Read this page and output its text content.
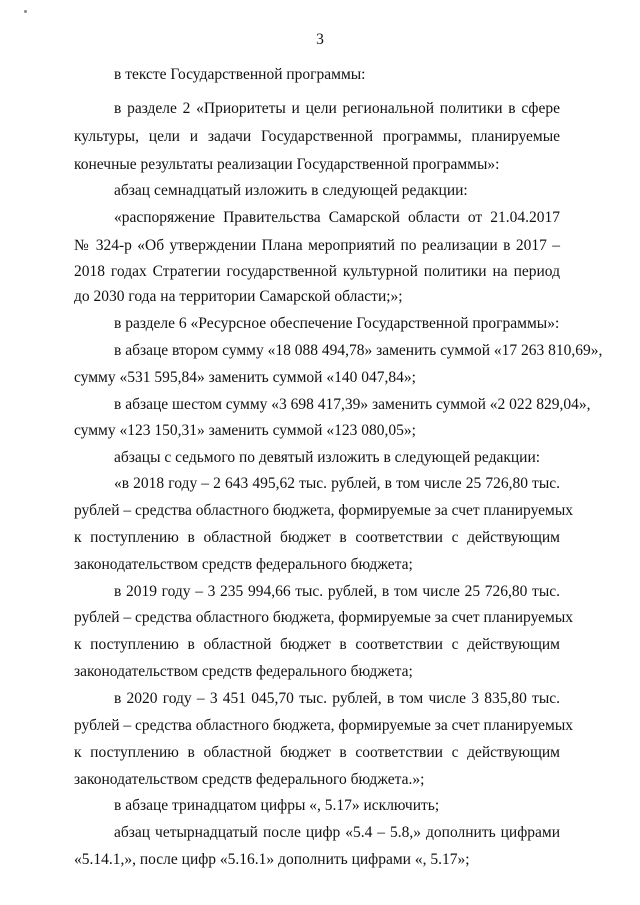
3

в тексте Государственной программы:

в разделе 2 «Приоритеты и цели региональной политики в сфере

культуры, цели и задачи Государственной программы, планируемые

конечные результаты реализации Государственной программы»:

абзац семнадцатый изложить в следующей редакции:

«распоряжение Правительства Самарской области от 21.04.2017

№ 324-р «Об утверждении Плана мероприятий по реализации в 2017 –

2018 годах Стратегии государственной культурной политики на период

до 2030 года на территории Самарской области;»;

в разделе 6 «Ресурсное обеспечение Государственной программы»:

в абзаце втором сумму «18 088 494,78» заменить суммой «17 263 810,69»,

сумму «531 595,84» заменить суммой «140 047,84»;

в абзаце шестом сумму «3 698 417,39» заменить суммой «2 022 829,04»,

сумму «123 150,31» заменить суммой «123 080,05»;

абзацы с седьмого по девятый изложить в следующей редакции:

«в 2018 году – 2 643 495,62 тыс. рублей, в том числе 25 726,80 тыс.

рублей – средства областного бюджета, формируемые за счет планируемых

к поступлению в областной бюджет в соответствии с действующим

законодательством средств федерального бюджета;

в 2019 году – 3 235 994,66 тыс. рублей, в том числе 25 726,80 тыс.

рублей – средства областного бюджета, формируемые за счет планируемых

к поступлению в областной бюджет в соответствии с действующим

законодательством средств федерального бюджета;

в 2020 году – 3 451 045,70 тыс. рублей, в том числе 3 835,80 тыс.

рублей – средства областного бюджета, формируемые за счет планируемых

к поступлению в областной бюджет в соответствии с действующим

законодательством средств федерального бюджета.»;

в абзаце тринадцатом цифры «, 5.17» исключить;

абзац четырнадцатый после цифр «5.4 – 5.8,» дополнить цифрами

«5.14.1,», после цифр «5.16.1» дополнить цифрами «, 5.17»;
